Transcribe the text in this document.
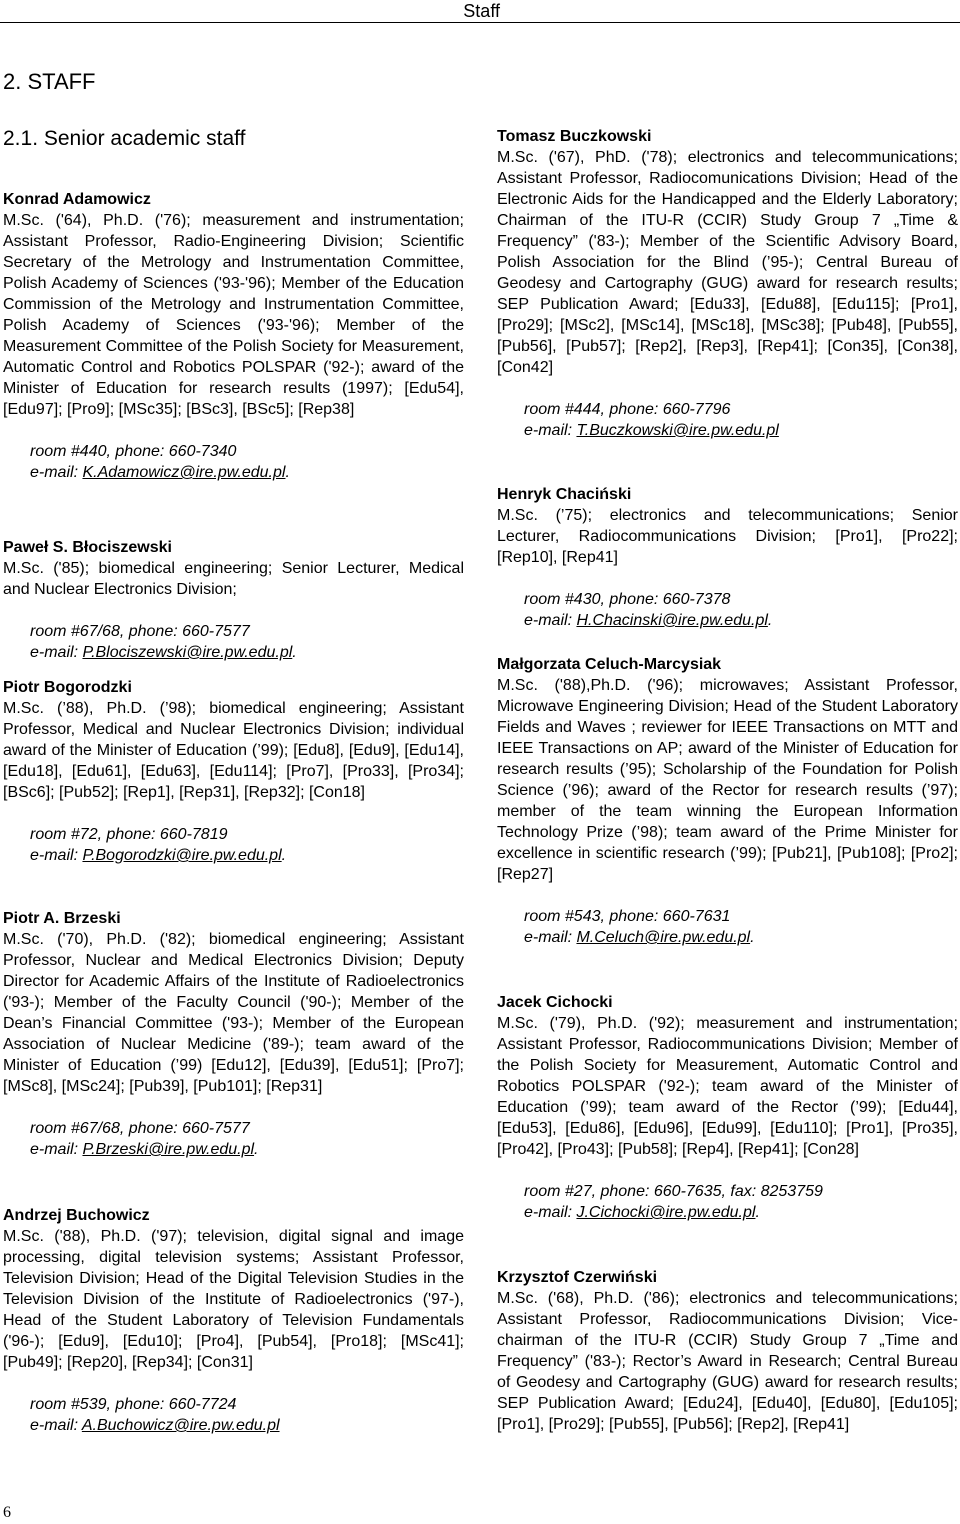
Staff
2. STAFF
2.1. Senior academic staff
Konrad Adamowicz

M.Sc. ('64), Ph.D. ('76); measurement and instrumentation; Assistant Professor, Radio-Engineering Division; Scientific Secretary of the Metrology and Instrumentation Committee, Polish Academy of Sciences ('93-'96); Member of the Education Commission of the Metrology and Instrumentation Committee, Polish Academy of Sciences ('93-'96); Member of the Measurement Committee of the Polish Society for Measurement, Automatic Control and Robotics POLSPAR ('92-); award of the Minister of Education for research results (1997); [Edu54], [Edu97]; [Pro9]; [MSc35]; [BSc3], [BSc5]; [Rep38]

room #440, phone: 660-7340
e-mail: K.Adamowicz@ire.pw.edu.pl.
Paweł S. Błociszewski

M.Sc. ('85); biomedical engineering; Senior Lecturer, Medical and Nuclear Electronics Division;

room #67/68, phone: 660-7577
e-mail: P.Blociszewski@ire.pw.edu.pl.
Piotr Bogorodzki

M.Sc. (’88), Ph.D. (’98); biomedical engineering; Assistant Professor, Medical and Nuclear Electronics Division; individual award of the Minister of Education (’99); [Edu8], [Edu9], [Edu14], [Edu18], [Edu61], [Edu63], [Edu114]; [Pro7], [Pro33], [Pro34]; [BSc6]; [Pub52]; [Rep1], [Rep31], [Rep32]; [Con18]

room #72, phone: 660-7819
e-mail: P.Bogorodzki@ire.pw.edu.pl.
Piotr A. Brzeski

M.Sc. ('70), Ph.D. ('82); biomedical engineering; Assistant Professor, Nuclear and Medical Electronics Division; Deputy Director for Academic Affairs of the Institute of Radioelectronics ('93-); Member of the Faculty Council ('90-); Member of the Dean’s Financial Committee ('93-); Member of the European Association of Nuclear Medicine ('89-); team award of the Minister of Education (’99) [Edu12], [Edu39], [Edu51]; [Pro7]; [MSc8], [MSc24]; [Pub39], [Pub101]; [Rep31]

room #67/68, phone: 660-7577
e-mail: P.Brzeski@ire.pw.edu.pl.
Andrzej Buchowicz

M.Sc. ('88), Ph.D. ('97); television, digital signal and image processing, digital television systems; Assistant Professor, Television Division; Head of the Digital Television Studies in the Television Division of the Institute of Radioelectronics ('97-), Head of the Student Laboratory of Television Fundamentals ('96-); [Edu9], [Edu10]; [Pro4], [Pub54], [Pro18]; [MSc41]; [Pub49]; [Rep20], [Rep34]; [Con31]

room #539, phone: 660-7724
e-mail: A.Buchowicz@ire.pw.edu.pl
Tomasz Buczkowski

M.Sc. ('67), PhD. ('78); electronics and telecommunications; Assistant Professor, Radiocomunications Division; Head of the Electronic Aids for the Handicapped and the Elderly Laboratory; Chairman of the ITU-R (CCIR) Study Group 7 „Time & Frequency” ('83-); Member of the Scientific Advisory Board, Polish Association for the Blind (’95-); Central Bureau of Geodesy and Cartography (GUG) award for research results; SEP Publication Award; [Edu33], [Edu88], [Edu115]; [Pro1], [Pro29]; [MSc2], [MSc14], [MSc18], [MSc38]; [Pub48], [Pub55], [Pub56], [Pub57]; [Rep2], [Rep3], [Rep41]; [Con35], [Con38], [Con42]

room #444, phone: 660-7796
e-mail: T.Buczkowski@ire.pw.edu.pl
Henryk Chaciński

M.Sc. (’75); electronics and telecommunications; Senior Lecturer, Radiocommunications Division; [Pro1], [Pro22]; [Rep10], [Rep41]

room #430, phone: 660-7378
e-mail: H.Chacinski@ire.pw.edu.pl.
Małgorzata Celuch-Marcysiak

M.Sc. ('88),Ph.D. ('96); microwaves; Assistant Professor, Microwave Engineering Division; Head of the Student Laboratory Fields and Waves ; reviewer for IEEE Transactions on MTT and IEEE Transactions on AP; award of the Minister of Education for research results (’95); Scholarship of the Foundation for Polish Science (’96); award of the Rector for research results (’97); member of the team winning the European Information Technology Prize (’98); team award of the Prime Minister for excellence in scientific research (’99); [Pub21], [Pub108]; [Pro2]; [Rep27]

room #543, phone: 660-7631
e-mail: M.Celuch@ire.pw.edu.pl.
Jacek Cichocki

M.Sc. ('79), Ph.D. ('92); measurement and instrumentation; Assistant Professor, Radiocommunications Division; Member of the Polish Society for Measurement, Automatic Control and Robotics POLSPAR ('92-); team award of the Minister of Education (’99); team award of the Rector (’99); [Edu44], [Edu53], [Edu86], [Edu96], [Edu99], [Edu110]; [Pro1], [Pro35], [Pro42], [Pro43]; [Pub58]; [Rep4], [Rep41]; [Con28]

room #27, phone: 660-7635, fax: 8253759
e-mail: J.Cichocki@ire.pw.edu.pl.
Krzysztof Czerwiński

M.Sc. ('68), Ph.D. ('86); electronics and telecommunications; Assistant Professor, Radiocommunications Division; Vice-chairman of the ITU-R (CCIR) Study Group 7 „Time and Frequency” ('83-); Rector’s Award in Research; Central Bureau of Geodesy and Cartography (GUG) award for research results; SEP Publication Award; [Edu24], [Edu40], [Edu80], [Edu105]; [Pro1], [Pro29]; [Pub55], [Pub56]; [Rep2], [Rep41]

6
